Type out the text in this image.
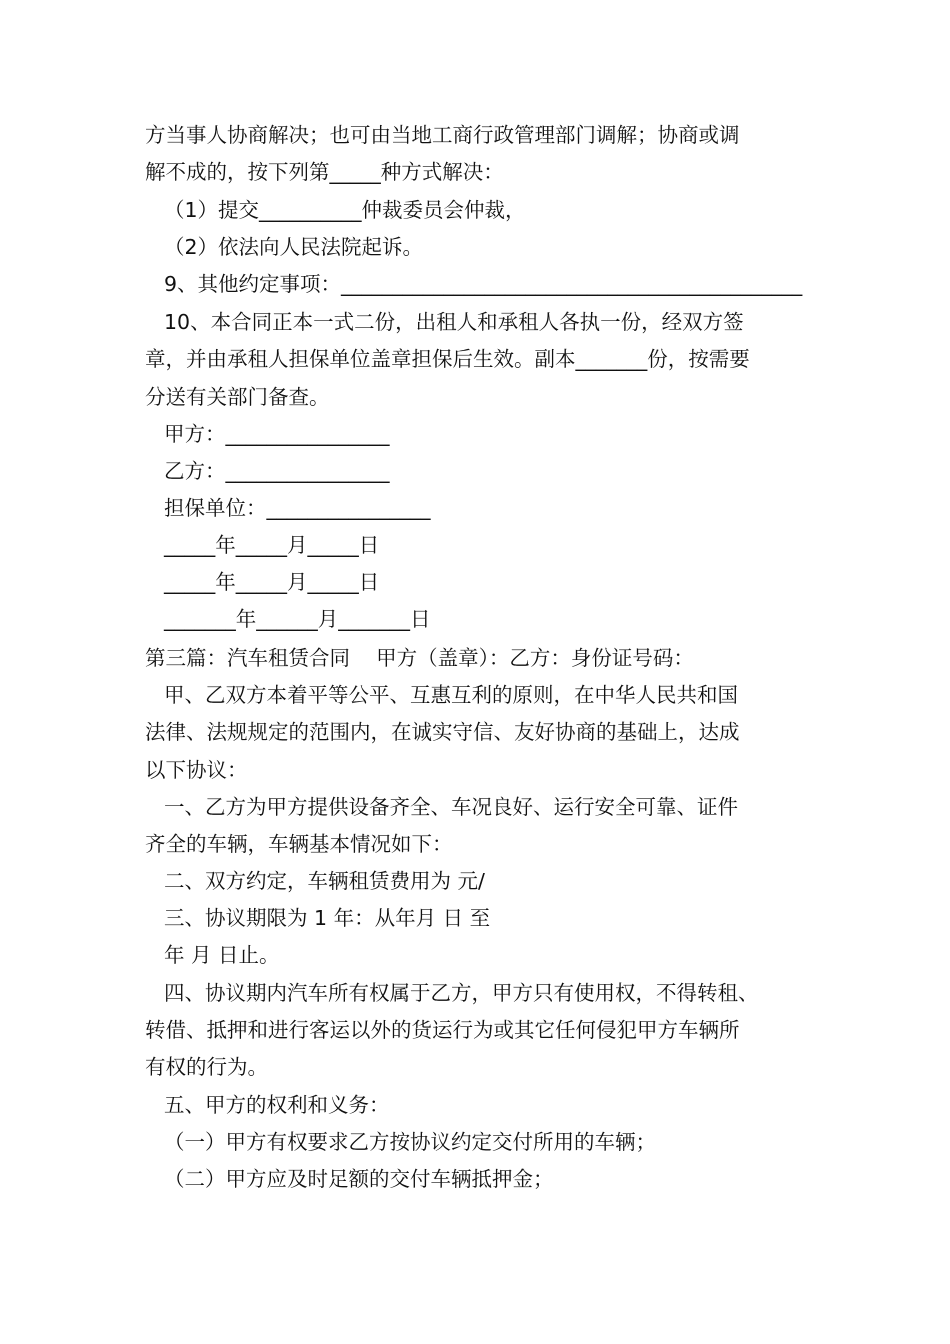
方当事人协商解决；也可由当地工商行政管理部门调解；协商或调
解不成的，按下列第_____种方式解决：
（1）提交__________仲裁委员会仲裁，
（2）依法向人民法院起诉。
9、其他约定事项：_____________________________________________
10、本合同正本一式二份，出租人和承租人各执一份，经双方签
章，并由承租人担保单位盖章担保后生效。副本_______份，按需要
分送有关部门备查。
甲方：________________
乙方：________________
担保单位：________________
_____年_____月_____日
_____年_____月_____日
_______年______月_______日
第三篇：汽车租赁合同    甲方（盖章）：乙方：身份证号码：
甲、乙双方本着平等公平、互惠互利的原则，在中华人民共和国
法律、法规规定的范围内，在诚实守信、友好协商的基础上，达成
以下协议：
一、乙方为甲方提供设备齐全、车况良好、运行安全可靠、证件
齐全的车辆，车辆基本情况如下：
二、双方约定，车辆租赁费用为 元/
三、协议期限为 1 年：从年月 日 至
年 月 日止。
四、协议期内汽车所有权属于乙方，甲方只有使用权，不得转租、
转借、抵押和进行客运以外的货运行为或其它任何侵犯甲方车辆所
有权的行为。
五、甲方的权利和义务：
（一）甲方有权要求乙方按协议约定交付所用的车辆；
（二）甲方应及时足额的交付车辆抵押金；
